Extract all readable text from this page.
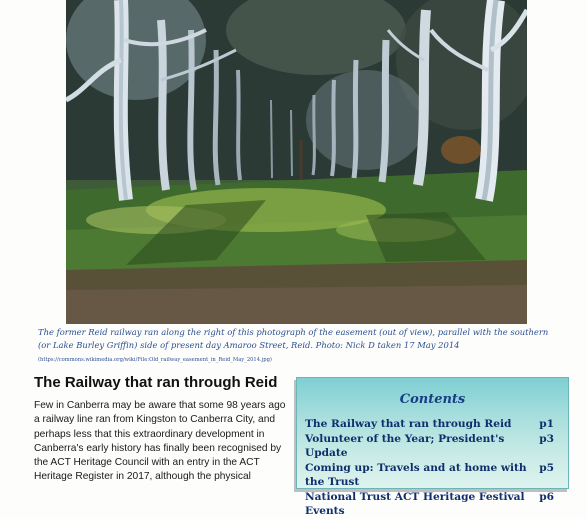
The former Reid railway ran along the right of this photograph of the easement (out of view), parallel with the southern (or Lake Burley Griffin) side of present day Amaroo Street, Reid. Photo: Nick D taken 17 May 2014 (https://commons.wikimedia.org/wiki/File:Old_railway_easement_in_Reid_May_2014.jpg)
The Railway that ran through Reid

Few in Canberra may be aware that some 98 years ago a railway line ran from Kingston to Canberra City, and perhaps less that this extraordinary development in Canberra's early history has finally been recognised by the ACT Heritage Council with an entry in the ACT Heritage Register in 2017, although the physical

Contents
The Railway that ran through Reid	p1
Volunteer of the Year; President's Update
p3
Coming up: Travels and at home with the Trust
p5
National Trust ACT Heritage Festival Events
p6
